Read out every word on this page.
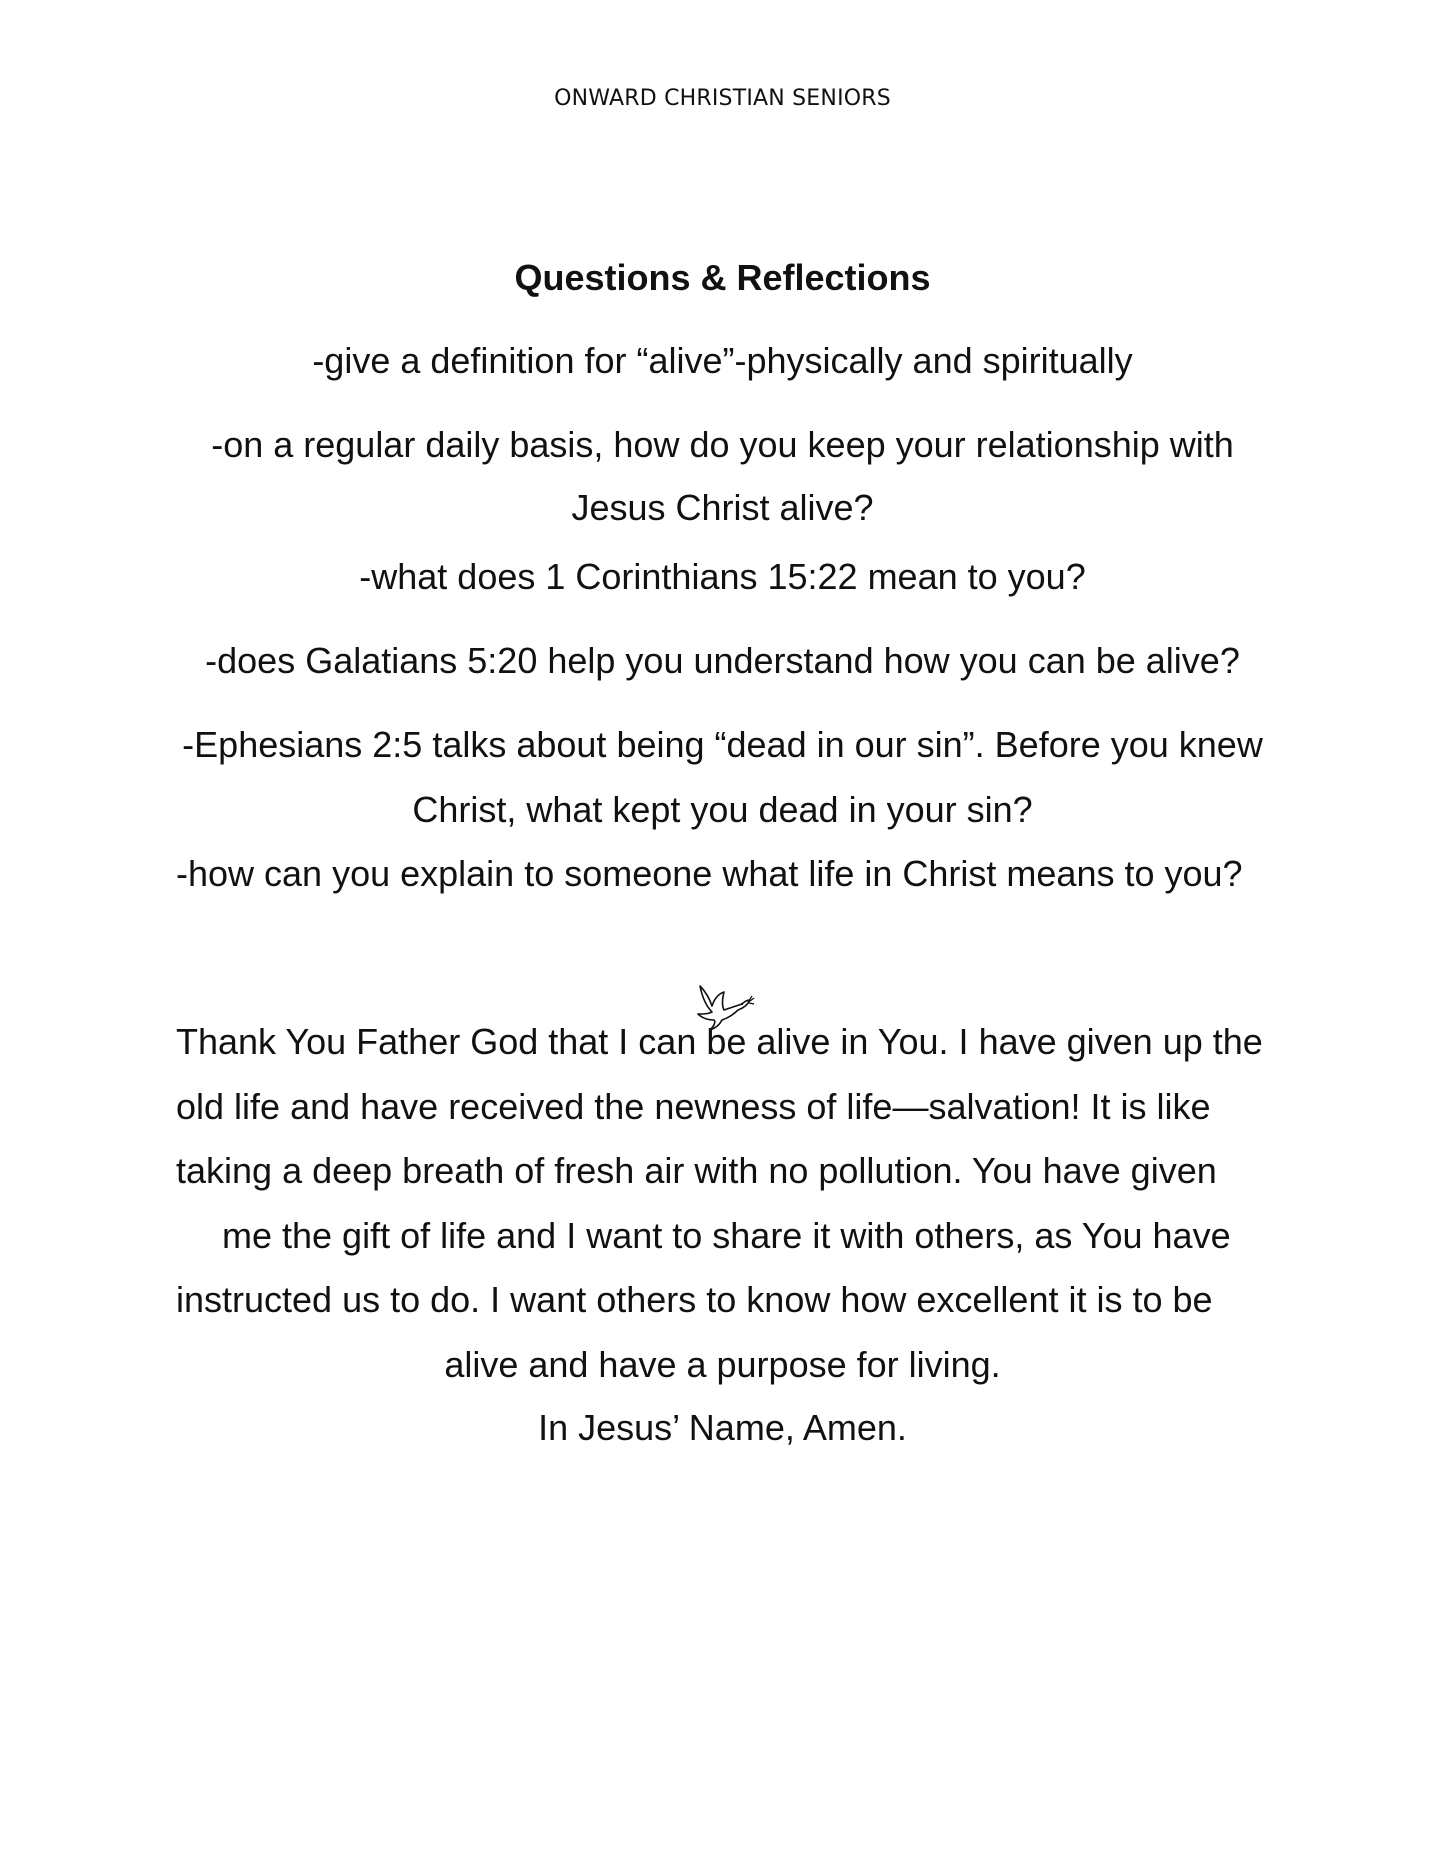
ONWARD CHRISTIAN SENIORS
Questions & Reflections
-give a definition for “alive”-physically and spiritually
-on a regular daily basis, how do you keep your relationship with
Jesus Christ alive?
-what does 1 Corinthians 15:22 mean to you?
-does Galatians 5:20 help you understand how you can be alive?
-Ephesians 2:5 talks about being “dead in our sin”. Before you knew
Christ, what kept you dead in your sin?
-how can you explain to someone what life in Christ means to you?
Thank You Father God that I can be alive in You. I have given up the
old life and have received the newness of life—salvation! It is like
taking a deep breath of fresh air with no pollution. You have given
me the gift of life and I want to share it with others, as You have
instructed us to do. I want others to know how excellent it is to be
alive and have a purpose for living.
In Jesus’ Name, Amen.
